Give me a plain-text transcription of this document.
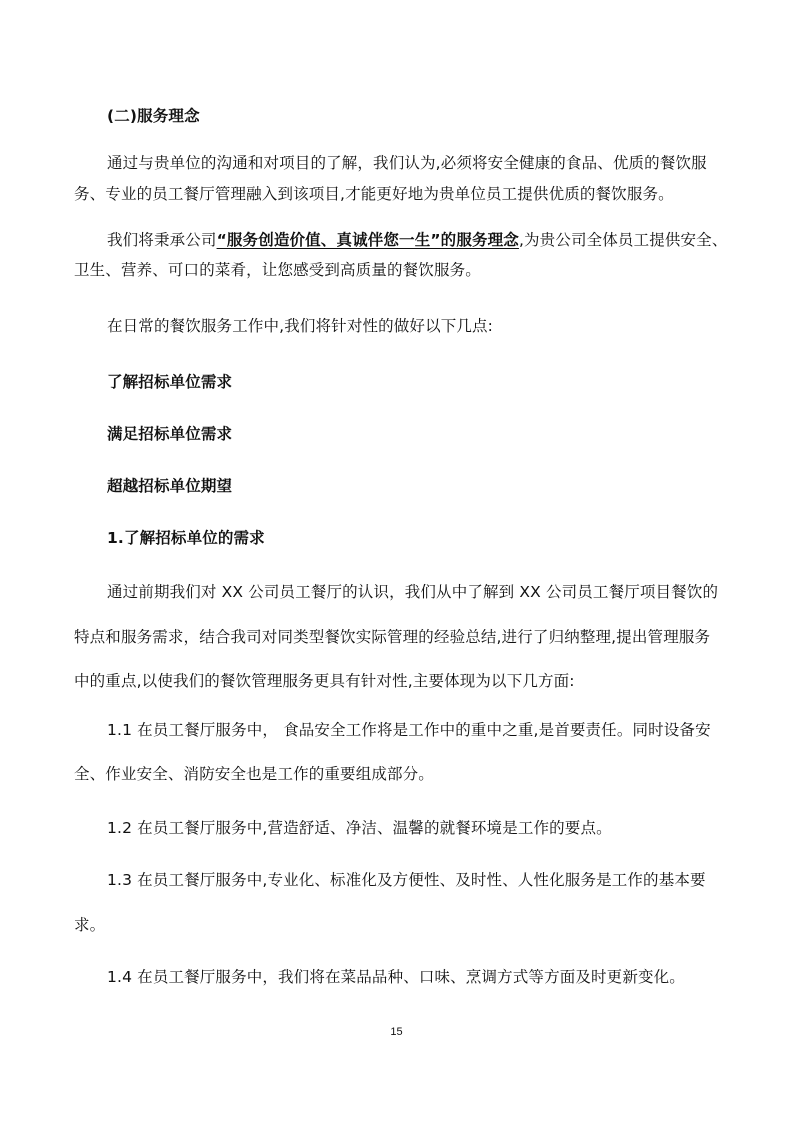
(二)服务理念
通过与贵单位的沟通和对项目的了解，我们认为,必须将安全健康的食品、优质的餐饮服
务、专业的员工餐厅管理融入到该项目,才能更好地为贵单位员工提供优质的餐饮服务。
我们将秉承公司“服务创造价值、真诚伴您一生”的服务理念,为贵公司全体员工提供安全、
卫生、营养、可口的菜肴，让您感受到高质量的餐饮服务。
在日常的餐饮服务工作中,我们将针对性的做好以下几点:
了解招标单位需求
满足招标单位需求
超越招标单位期望
1.了解招标单位的需求
通过前期我们对 XX 公司员工餐厅的认识，我们从中了解到 XX 公司员工餐厅项目餐饮的
特点和服务需求，结合我司对同类型餐饮实际管理的经验总结,进行了归纳整理,提出管理服务
中的重点,以使我们的餐饮管理服务更具有针对性,主要体现为以下几方面:
1.1 在员工餐厅服务中， 食品安全工作将是工作中的重中之重,是首要责任。同时设备安
全、作业安全、消防安全也是工作的重要组成部分。
1.2 在员工餐厅服务中,营造舒适、净洁、温馨的就餐环境是工作的要点。
1.3 在员工餐厅服务中,专业化、标准化及方便性、及时性、人性化服务是工作的基本要
求。
1.4 在员工餐厅服务中，我们将在菜品品种、口味、烹调方式等方面及时更新变化。
15
